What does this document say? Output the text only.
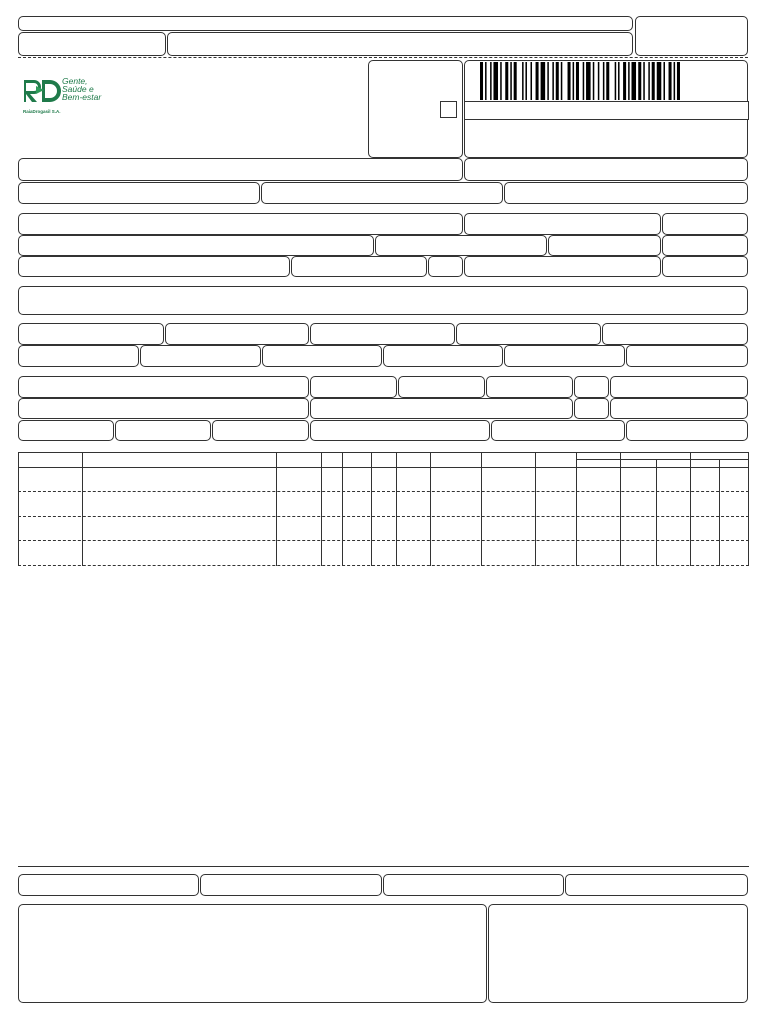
Gente,
Saúde e
Bem-estar
RaiaDrogasil S.A.
